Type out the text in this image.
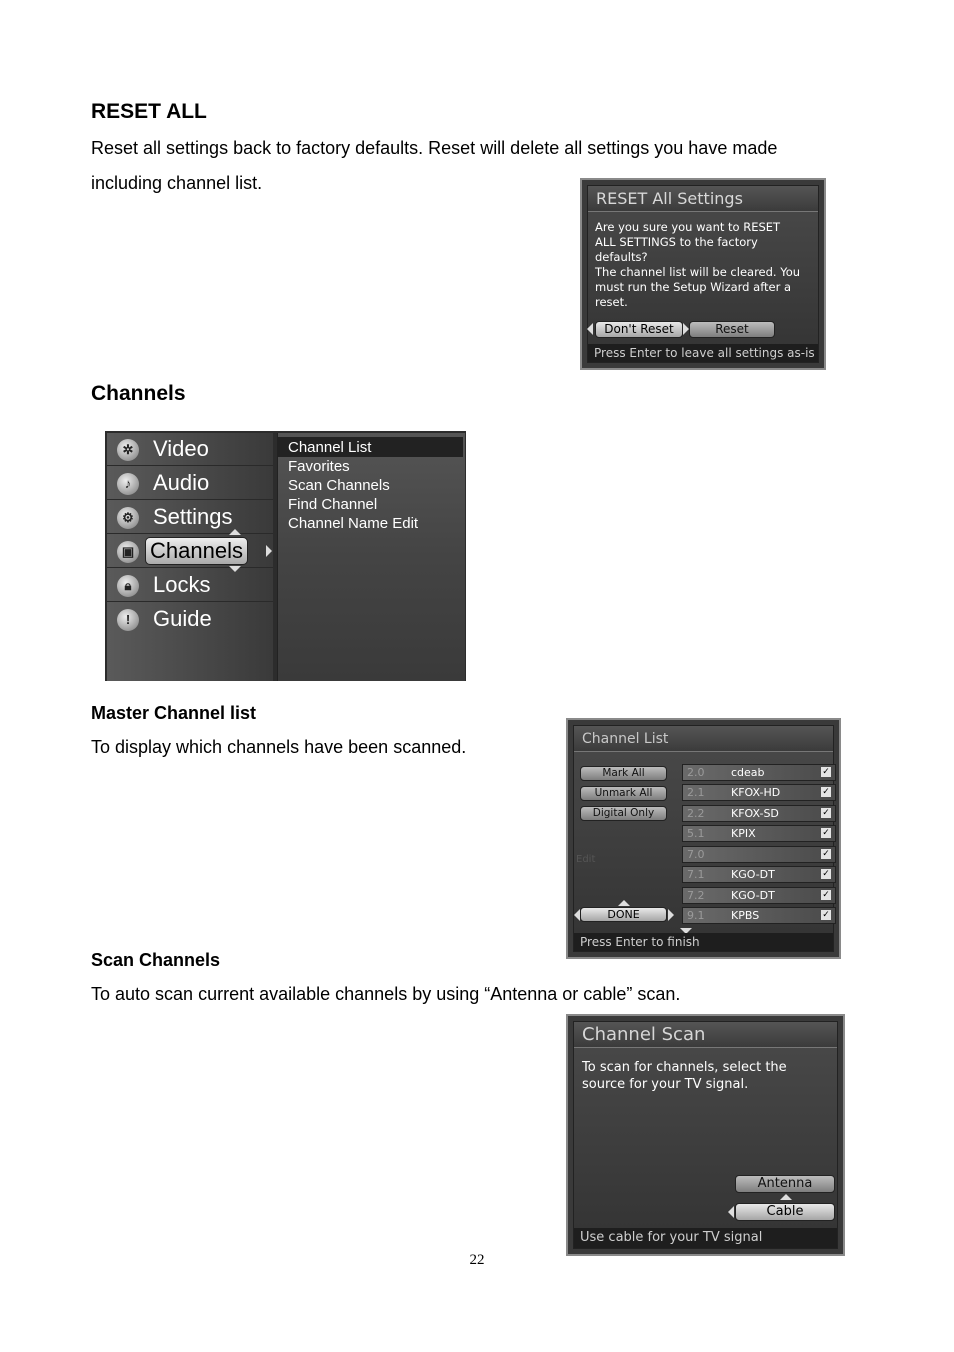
RESET ALL
Reset all settings back to factory defaults. Reset will delete all settings you have made
including channel list.
RESET All Settings
Are you sure you want to RESET
ALL SETTINGS to the factory
defaults?
The channel list will be cleared. You
must run the Setup Wizard after a
reset.
Don't Reset	Reset
Press Enter to leave all settings as-is
Channels
✲ Video
♪ Audio
⚙ Settings
▣ Channels
🔒︎ Locks
!	Guide
Channel List
Favorites
Scan Channels
Find Channel
Channel Name Edit
Master Channel list
To display which channels have been scanned.	Channel List
Mark All
Unmark All
Digital Only
Edit
DONE
2.0 cdeab	✓
2.1 KFOX-HD	✓
2.2 KFOX-SD	✓
5.1 KPIX	✓
7.0	✓
7.1 KGO-DT	✓
7.2 KGO-DT	✓
9.1 KPBS	✓
Press Enter to finish
Scan Channels
To auto scan current available channels by using “Antenna or cable” scan.
Channel Scan
To scan for channels, select the
source for your TV signal.
Antenna
Cable
Use cable for your TV signal
22
